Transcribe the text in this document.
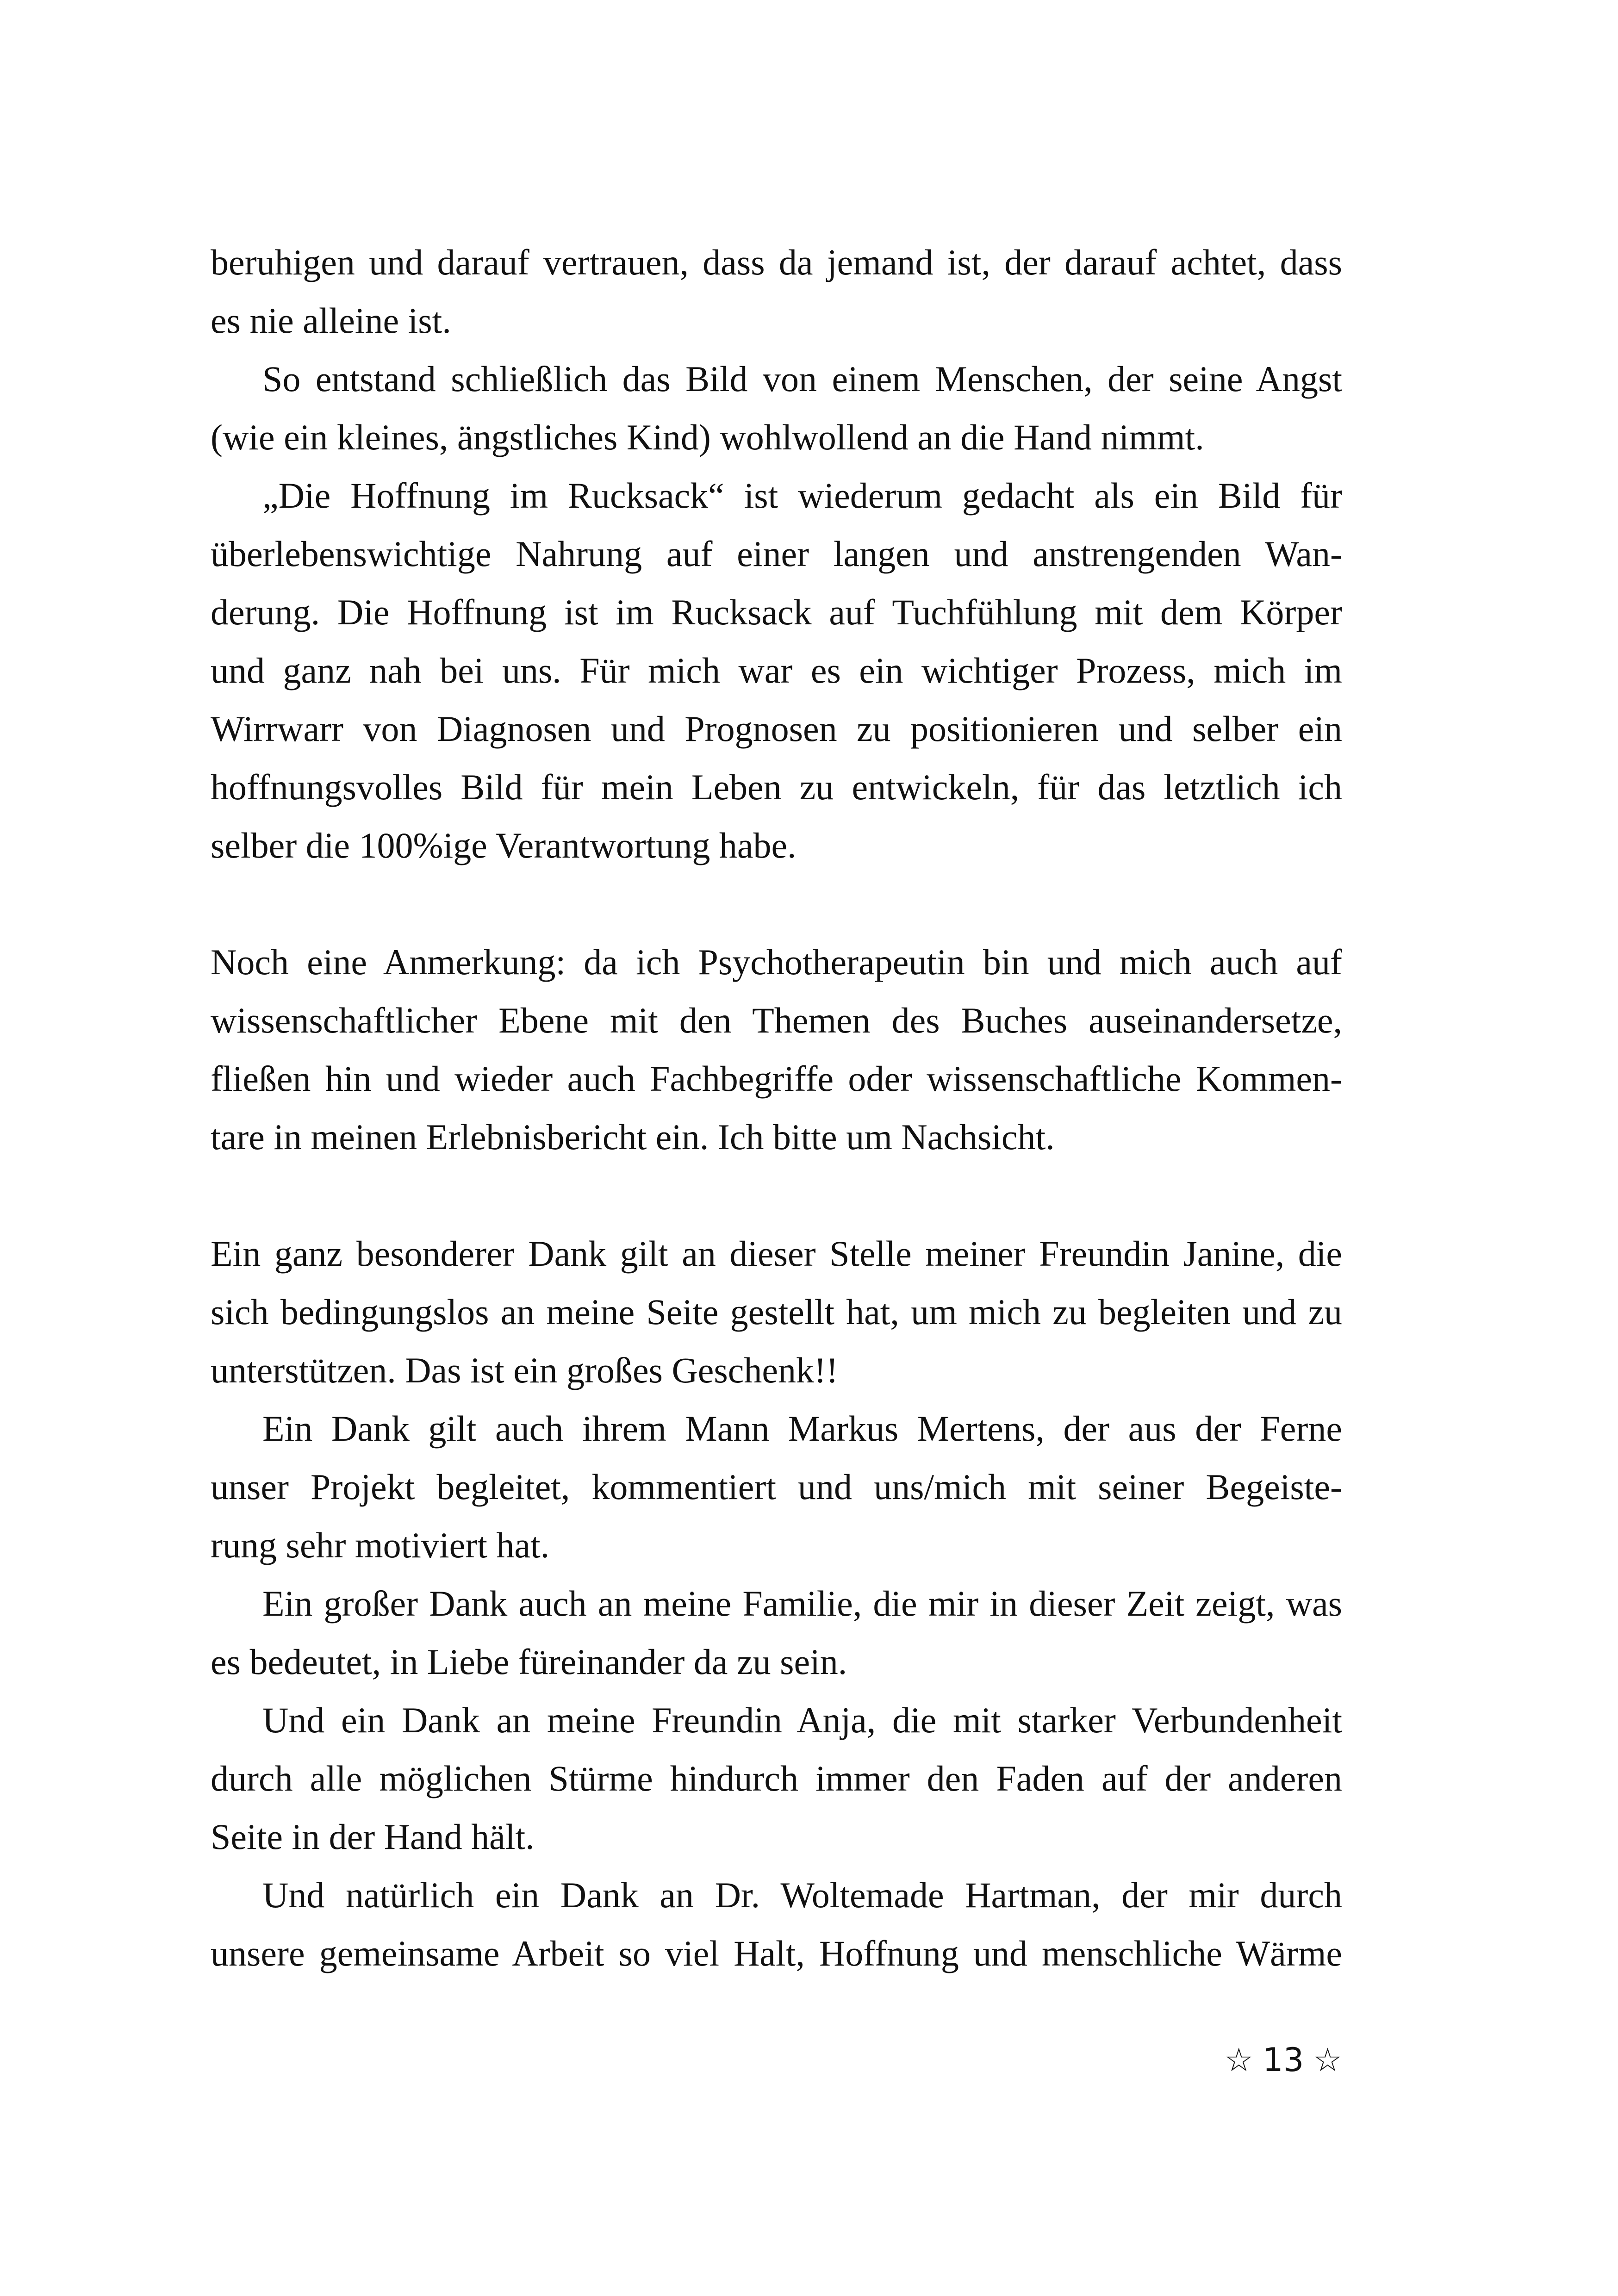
beruhigen und darauf vertrauen, dass da jemand ist, der darauf achtet, dass
es nie alleine ist.
So entstand schließlich das Bild von einem Menschen, der seine Angst
(wie ein kleines, ängstliches Kind) wohlwollend an die Hand nimmt.
„Die Hoffnung im Rucksack“ ist wiederum gedacht als ein Bild für
überlebenswichtige Nahrung auf einer langen und anstrengenden Wan-
derung. Die Hoffnung ist im Rucksack auf Tuchfühlung mit dem Körper
und ganz nah bei uns. Für mich war es ein wichtiger Prozess, mich im
Wirrwarr von Diagnosen und Prognosen zu positionieren und selber ein
hoffnungsvolles Bild für mein Leben zu entwickeln, für das letztlich ich
selber die 100%ige Verantwortung habe.
Noch eine Anmerkung: da ich Psychotherapeutin bin und mich auch auf
wissenschaftlicher Ebene mit den Themen des Buches auseinandersetze,
fließen hin und wieder auch Fachbegriffe oder wissenschaftliche Kommen-
tare in meinen Erlebnisbericht ein. Ich bitte um Nachsicht.
Ein ganz besonderer Dank gilt an dieser Stelle meiner Freundin Janine, die
sich bedingungslos an meine Seite gestellt hat, um mich zu begleiten und zu
unterstützen. Das ist ein großes Geschenk!!
Ein Dank gilt auch ihrem Mann Markus Mertens, der aus der Ferne
unser Projekt begleitet, kommentiert und uns/mich mit seiner Begeiste-
rung sehr motiviert hat.
Ein großer Dank auch an meine Familie, die mir in dieser Zeit zeigt, was
es bedeutet, in Liebe füreinander da zu sein.
Und ein Dank an meine Freundin Anja, die mit starker Verbundenheit
durch alle möglichen Stürme hindurch immer den Faden auf der anderen
Seite in der Hand hält.
Und natürlich ein Dank an Dr. Woltemade Hartman, der mir durch
unsere gemeinsame Arbeit so viel Halt, Hoffnung und menschliche Wärme
☆ 13 ☆
